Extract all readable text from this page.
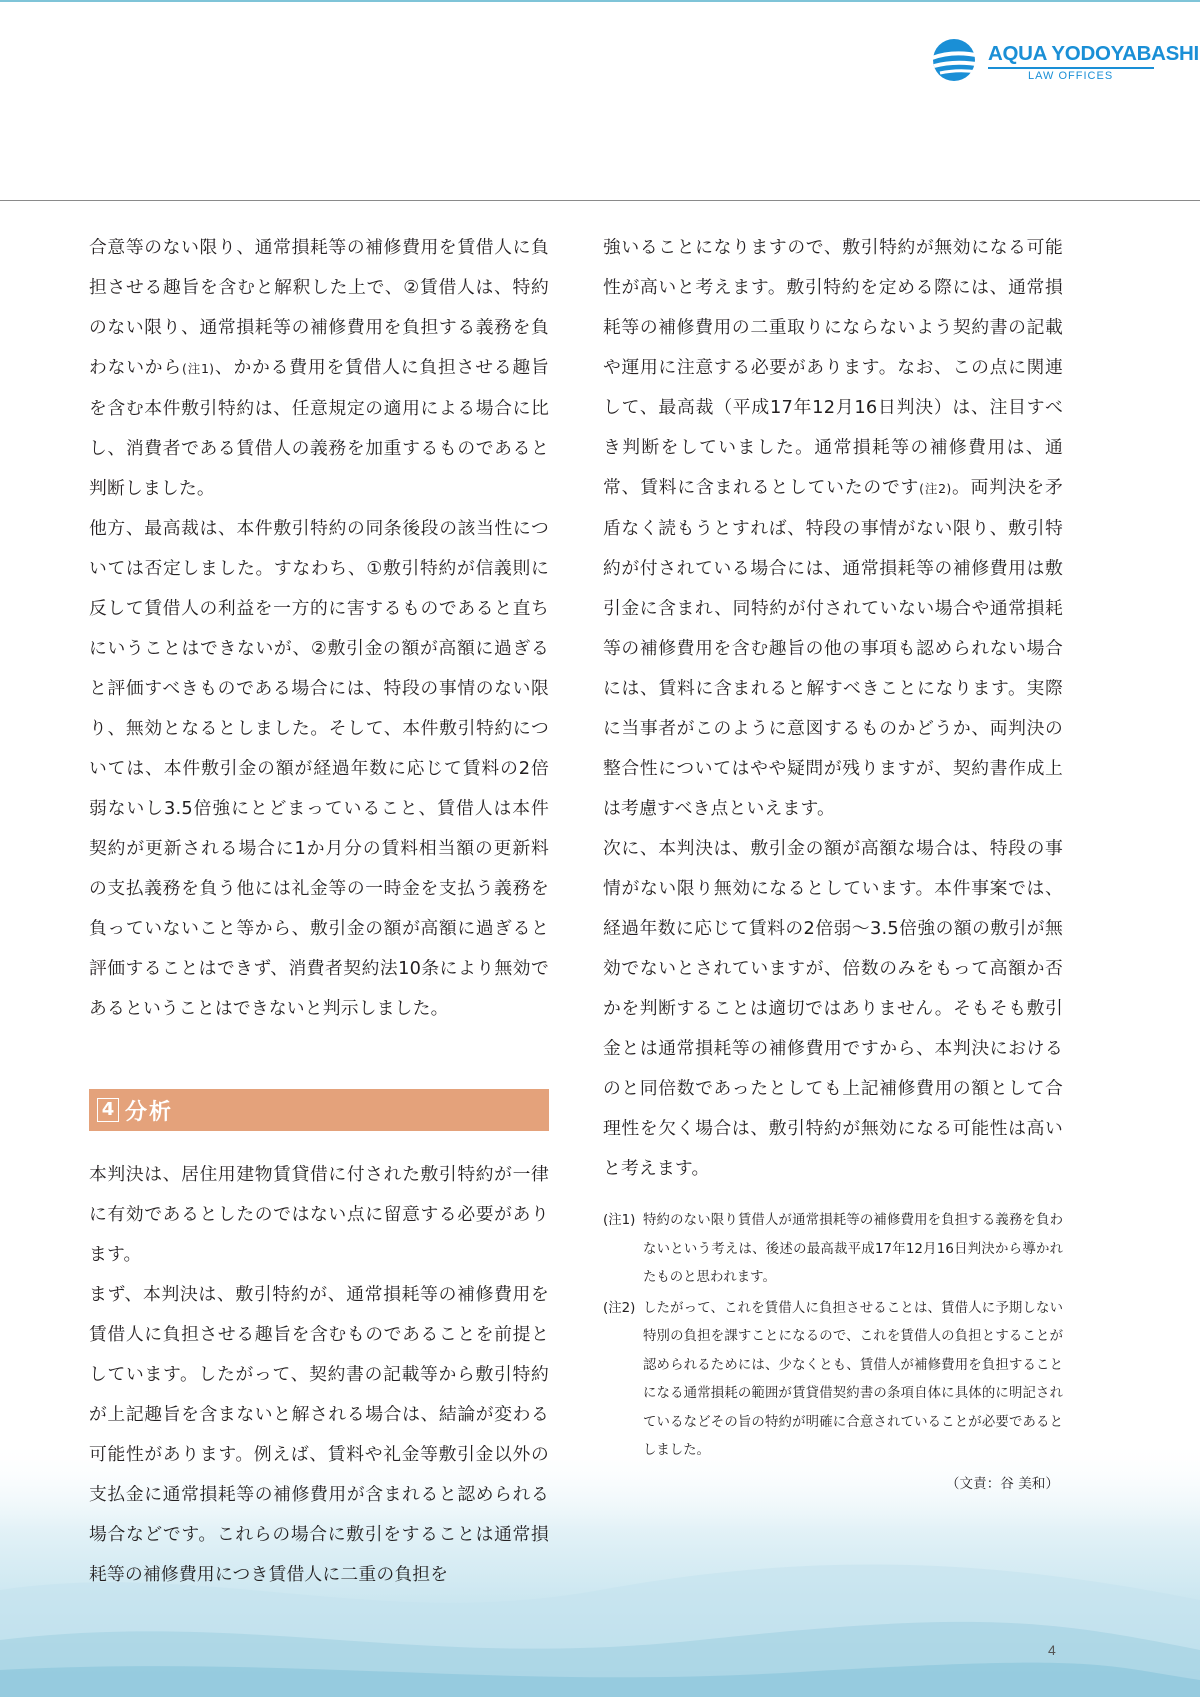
AQUA YODOYABASHI
LAW OFFICES

合意等のない限り、通常損耗等の補修費用を賃借人に負担させる趣旨を含むと解釈した上で、②賃借人は、特約のない限り、通常損耗等の補修費用を負担する義務を負わないから(注1)、かかる費用を賃借人に負担させる趣旨を含む本件敷引特約は、任意規定の適用による場合に比し、消費者である賃借人の義務を加重するものであると判断しました。

他方、最高裁は、本件敷引特約の同条後段の該当性については否定しました。すなわち、①敷引特約が信義則に反して賃借人の利益を一方的に害するものであると直ちにいうことはできないが、②敷引金の額が高額に過ぎると評価すべきものである場合には、特段の事情のない限り、無効となるとしました。そして、本件敷引特約については、本件敷引金の額が経過年数に応じて賃料の2倍弱ないし3.5倍強にとどまっていること、賃借人は本件契約が更新される場合に1か月分の賃料相当額の更新料の支払義務を負う他には礼金等の一時金を支払う義務を負っていないこと等から、敷引金の額が高額に過ぎると評価することはできず、消費者契約法10条により無効であるということはできないと判示しました。

4 分析

本判決は、居住用建物賃貸借に付された敷引特約が一律に有効であるとしたのではない点に留意する必要があります。

まず、本判決は、敷引特約が、通常損耗等の補修費用を賃借人に負担させる趣旨を含むものであることを前提としています。したがって、契約書の記載等から敷引特約が上記趣旨を含まないと解される場合は、結論が変わる可能性があります。例えば、賃料や礼金等敷引金以外の支払金に通常損耗等の補修費用が含まれると認められる場合などです。これらの場合に敷引をすることは通常損耗等の補修費用につき賃借人に二重の負担を

強いることになりますので、敷引特約が無効になる可能性が高いと考えます。敷引特約を定める際には、通常損耗等の補修費用の二重取りにならないよう契約書の記載や運用に注意する必要があります。なお、この点に関連して、最高裁（平成17年12月16日判決）は、注目すべき判断をしていました。通常損耗等の補修費用は、通常、賃料に含まれるとしていたのです(注2)。両判決を矛盾なく読もうとすれば、特段の事情がない限り、敷引特約が付されている場合には、通常損耗等の補修費用は敷引金に含まれ、同特約が付されていない場合や通常損耗等の補修費用を含む趣旨の他の事項も認められない場合には、賃料に含まれると解すべきことになります。実際に当事者がこのように意図するものかどうか、両判決の整合性についてはやや疑問が残りますが、契約書作成上は考慮すべき点といえます。

次に、本判決は、敷引金の額が高額な場合は、特段の事情がない限り無効になるとしています。本件事案では、経過年数に応じて賃料の2倍弱～3.5倍強の額の敷引が無効でないとされていますが、倍数のみをもって高額か否かを判断することは適切ではありません。そもそも敷引金とは通常損耗等の補修費用ですから、本判決におけるのと同倍数であったとしても上記補修費用の額として合理性を欠く場合は、敷引特約が無効になる可能性は高いと考えます。

(注1) 特約のない限り賃借人が通常損耗等の補修費用を負担する義務を負わないという考えは、後述の最高裁平成17年12月16日判決から導かれたものと思われます。
(注2) したがって、これを賃借人に負担させることは、賃借人に予期しない特別の負担を課すことになるので、これを賃借人の負担とすることが認められるためには、少なくとも、賃借人が補修費用を負担することになる通常損耗の範囲が賃貸借契約書の条項自体に具体的に明記されているなどその旨の特約が明確に合意されていることが必要であるとしました。
（文責：谷 美和）
4
